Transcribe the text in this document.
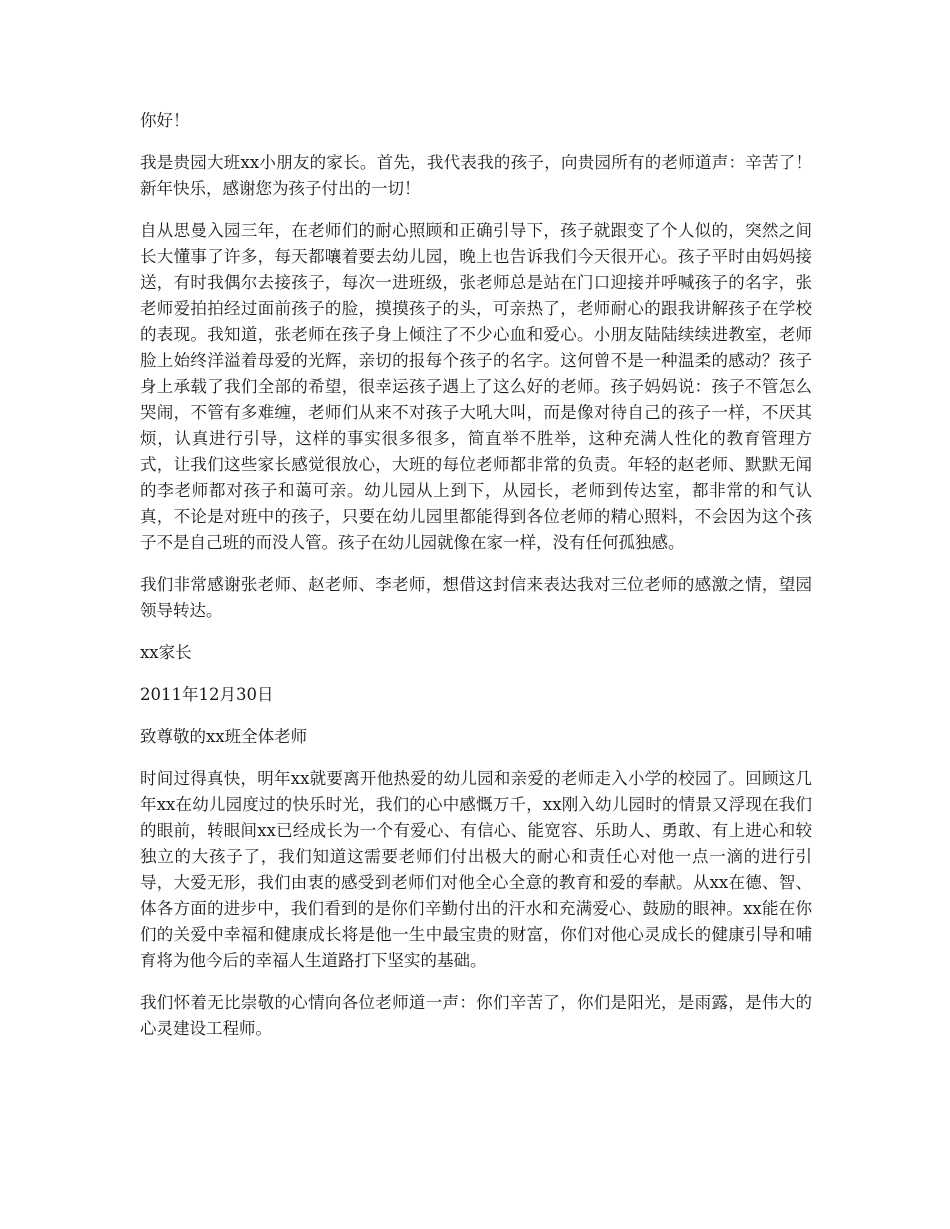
你好！

我是贵园大班xx小朋友的家长。首先，我代表我的孩子，向贵园所有的老师道声：辛苦了！新年快乐，感谢您为孩子付出的一切！

自从思曼入园三年，在老师们的耐心照顾和正确引导下，孩子就跟变了个人似的，突然之间长大懂事了许多，每天都嚷着要去幼儿园，晚上也告诉我们今天很开心。孩子平时由妈妈接送，有时我偶尔去接孩子，每次一进班级，张老师总是站在门口迎接并呼喊孩子的名字，张老师爱拍拍经过面前孩子的脸，摸摸孩子的头，可亲热了，老师耐心的跟我讲解孩子在学校的表现。我知道，张老师在孩子身上倾注了不少心血和爱心。小朋友陆陆续续进教室，老师脸上始终洋溢着母爱的光辉，亲切的报每个孩子的名字。这何曾不是一种温柔的感动？孩子身上承载了我们全部的希望，很幸运孩子遇上了这么好的老师。孩子妈妈说：孩子不管怎么哭闹，不管有多难缠，老师们从来不对孩子大吼大叫，而是像对待自己的孩子一样，不厌其烦，认真进行引导，这样的事实很多很多，简直举不胜举，这种充满人性化的教育管理方式，让我们这些家长感觉很放心，大班的每位老师都非常的负责。年轻的赵老师、默默无闻的李老师都对孩子和蔼可亲。幼儿园从上到下，从园长，老师到传达室，都非常的和气认真，不论是对班中的孩子，只要在幼儿园里都能得到各位老师的精心照料，不会因为这个孩子不是自己班的而没人管。孩子在幼儿园就像在家一样，没有任何孤独感。

我们非常感谢张老师、赵老师、李老师，想借这封信来表达我对三位老师的感激之情，望园领导转达。

xx家长

2011年12月30日

致尊敬的xx班全体老师

时间过得真快，明年xx就要离开他热爱的幼儿园和亲爱的老师走入小学的校园了。回顾这几年xx在幼儿园度过的快乐时光，我们的心中感慨万千，xx刚入幼儿园时的情景又浮现在我们的眼前，转眼间xx已经成长为一个有爱心、有信心、能宽容、乐助人、勇敢、有上进心和较独立的大孩子了，我们知道这需要老师们付出极大的耐心和责任心对他一点一滴的进行引导，大爱无形，我们由衷的感受到老师们对他全心全意的教育和爱的奉献。从xx在德、智、体各方面的进步中，我们看到的是你们辛勤付出的汗水和充满爱心、鼓励的眼神。xx能在你们的关爱中幸福和健康成长将是他一生中最宝贵的财富，你们对他心灵成长的健康引导和哺育将为他今后的幸福人生道路打下坚实的基础。

我们怀着无比崇敬的心情向各位老师道一声：你们辛苦了，你们是阳光，是雨露，是伟大的心灵建设工程师。
